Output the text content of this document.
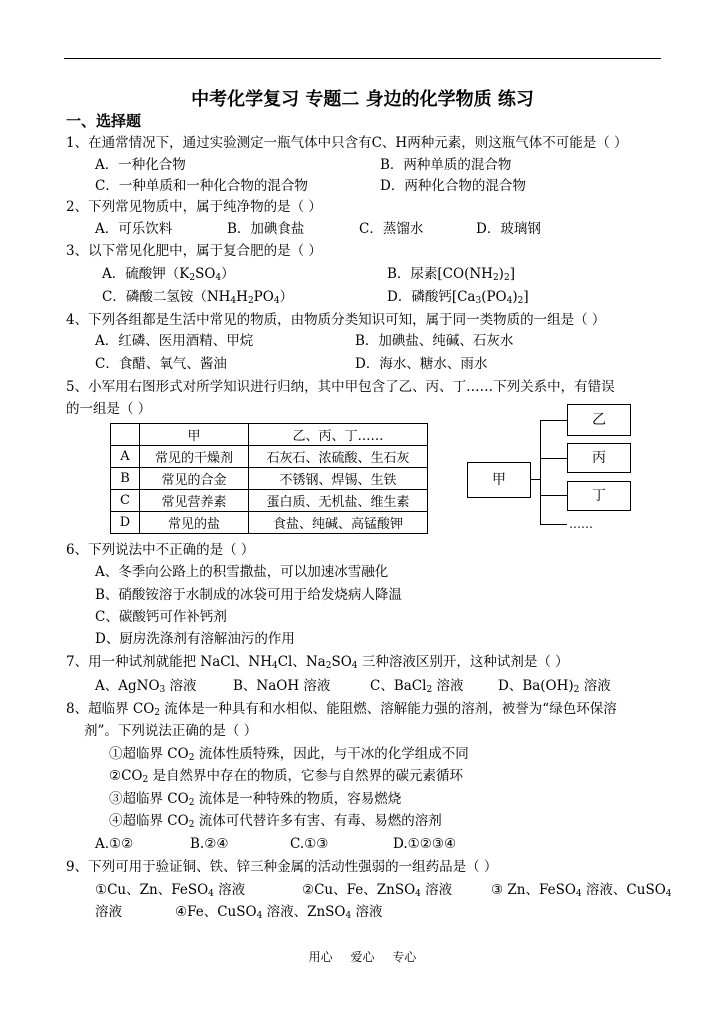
中考化学复习 专题二 身边的化学物质 练习
一、选择题
1、在通常情况下，通过实验测定一瓶气体中只含有C、H两种元素，则这瓶气体不可能是（ ）
A．一种化合物	B．两种单质的混合物
C．一种单质和一种化合物的混合物	D．两种化合物的混合物
2、下列常见物质中，属于纯净物的是（ ）
A．可乐饮料	B．加碘食盐	C．蒸馏水	D．玻璃钢
3、以下常见化肥中，属于复合肥的是（ ）
A．硫酸钾$(K_2SO_4)$	B．尿素$[CO(NH_2)_2]$
C．磷酸二氢铵$(NH_4H_2PO_4)$	D．磷酸钙$[Ca_3(PO_4)_2]$
4、下列各组都是生活中常见的物质，由物质分类知识可知，属于同一类物质的一组是（ ）
A．红磷、医用酒精、甲烷	B．加碘盐、纯碱、石灰水
C．食醋、氧气、酱油	D．海水、糖水、雨水
5、小军用右图形式对所学知识进行归纳，其中甲包含了乙、丙、丁……下列关系中，有错误
的一组是（ ）
	甲	乙、丙、丁……
A	常见的干燥剂	石灰石、浓硫酸、生石灰
B	常见的合金	不锈钢、焊锡、生铁
C	常见营养素	蛋白质、无机盐、维生素
D	常见的盐	食盐、纯碱、高锰酸钾
甲
乙
丙
丁
……
6、下列说法中不正确的是（ ）
A、冬季向公路上的积雪撒盐，可以加速冰雪融化
B、硝酸铵溶于水制成的冰袋可用于给发烧病人降温
C、碳酸钙可作补钙剂
D、厨房洗涤剂有溶解油污的作用
7、用一种试剂就能把 NaCl、$NH_4Cl$、$Na_2SO_4$ 三种溶液区别开，这种试剂是（ ）
A、AgNO$_3$ 溶液	B、NaOH 溶液	C、BaCl$_2$ 溶液	D、$Ba(OH)_2$ 溶液
8、超临界 $CO_2$ 流体是一种具有和水相似、能阻燃、溶解能力强的溶剂，被誉为“绿色环保溶
剂”。下列说法正确的是（ ）
①超临界 $CO_2$ 流体性质特殊，因此，与干冰的化学组成不同
$②CO_2$ 是自然界中存在的物质，它参与自然界的碳元素循环
③超临界 $CO_2$ 流体是一种特殊的物质，容易燃烧
④超临界 $CO_2$ 流体可代替许多有害、有毒、易燃的溶剂
A.①②	B.②④	C.①③	D.①②③④
9、下列可用于验证铜、铁、锌三种金属的活动性强弱的一组药品是（ ）
①Cu、Zn、FeSO$_4$ 溶液	②Cu、Fe、ZnSO$_4$ 溶液	③ Zn、FeSO$_4$ 溶液、CuSO$_4$
溶液	④Fe、CuSO$_4$ 溶液、ZnSO$_4$ 溶液
用心 爱心 专心
